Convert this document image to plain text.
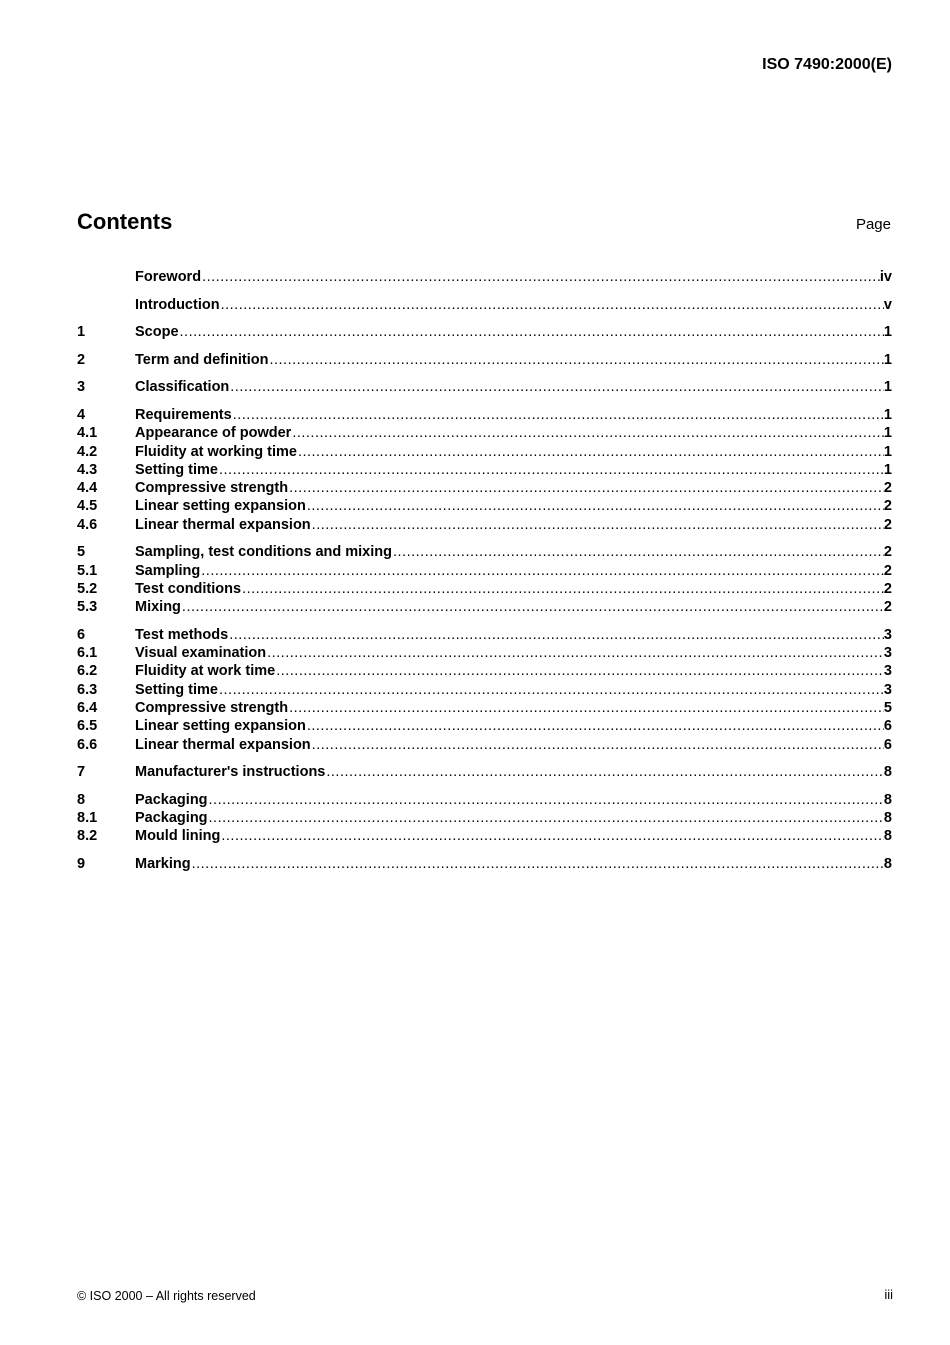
ISO 7490:2000(E)
Contents	Page
Foreword .....	iv
Introduction .....	v
1	Scope .....	1
2	Term and definition .....	1
3	Classification .....	1
4	Requirements .....	1
4.1	Appearance of powder .....	1
4.2	Fluidity at working time .....	1
4.3	Setting time .....	1
4.4	Compressive strength .....	2
4.5	Linear setting expansion .....	2
4.6	Linear thermal expansion .....	2
5	Sampling, test conditions and mixing .....	2
5.1	Sampling .....	2
5.2	Test conditions .....	2
5.3	Mixing .....	2
6	Test methods .....	3
6.1	Visual examination .....	3
6.2	Fluidity at work time .....	3
6.3	Setting time .....	3
6.4	Compressive strength .....	5
6.5	Linear setting expansion .....	6
6.6	Linear thermal expansion .....	6
7	Manufacturer's instructions .....	8
8	Packaging .....	8
8.1	Packaging .....	8
8.2	Mould lining .....	8
9	Marking .....	8
© ISO 2000 – All rights reserved	iii
